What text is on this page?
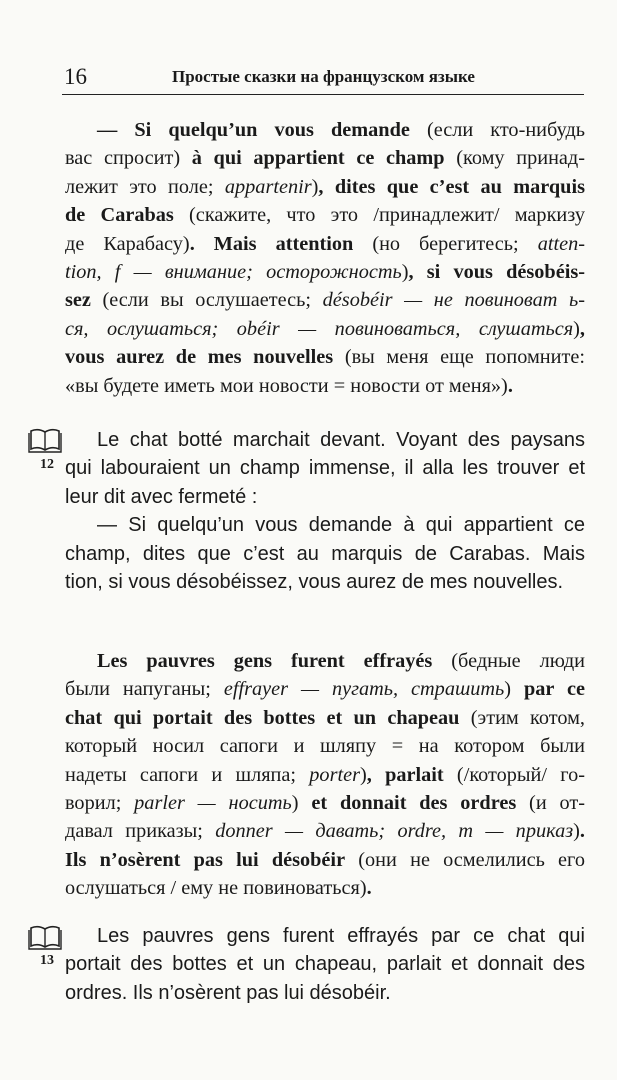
16	Простые сказки на французском языке
— Si quelqu’un vous demande (если кто-нибудь
вас спросит) à qui appartient ce champ (кому принад-
лежит это поле; appartenir), dites que c’est au marquis
de Carabas (скажите, что это /принадлежит/ маркизу
де Карабасу). Mais attention (но берегитесь; atten-
tion, f — внимание; осторожность), si vous désobéis-
sez (если вы ослушаетесь; désobéir — не повиноват ь-
ся, ослушаться; obéir — повиноваться, слушаться),
vous aurez de mes nouvelles (вы меня еще попомните:
«вы будете иметь мои новости = новости от меня»).
12
Le chat botté marchait devant. Voyant des paysans
qui labouraient un champ immense, il alla les trouver et
leur dit avec fermeté :
— Si quelqu’un vous demande à qui appartient ce
champ, dites que c’est au marquis de Carabas. Mais
tion, si vous désobéissez, vous aurez de mes nouvelles.
Les pauvres gens furent effrayés (бедные люди
были напуганы; effrayer — пугать, страшить) par ce
chat qui portait des bottes et un chapeau (этим котом,
который носил сапоги и шляпу = на котором были
надеты сапоги и шляпа; porter), parlait (/который/ го-
ворил; parler — носить) et donnait des ordres (и от-
давал приказы; donner — давать; ordre, m — приказ).
Ils n’osèrent pas lui désobéir (они не осмелились его
ослушаться / ему не повиноваться).
13
Les pauvres gens furent effrayés par ce chat qui
portait des bottes et un chapeau, parlait et donnait des
ordres. Ils n’osèrent pas lui désobéir.
